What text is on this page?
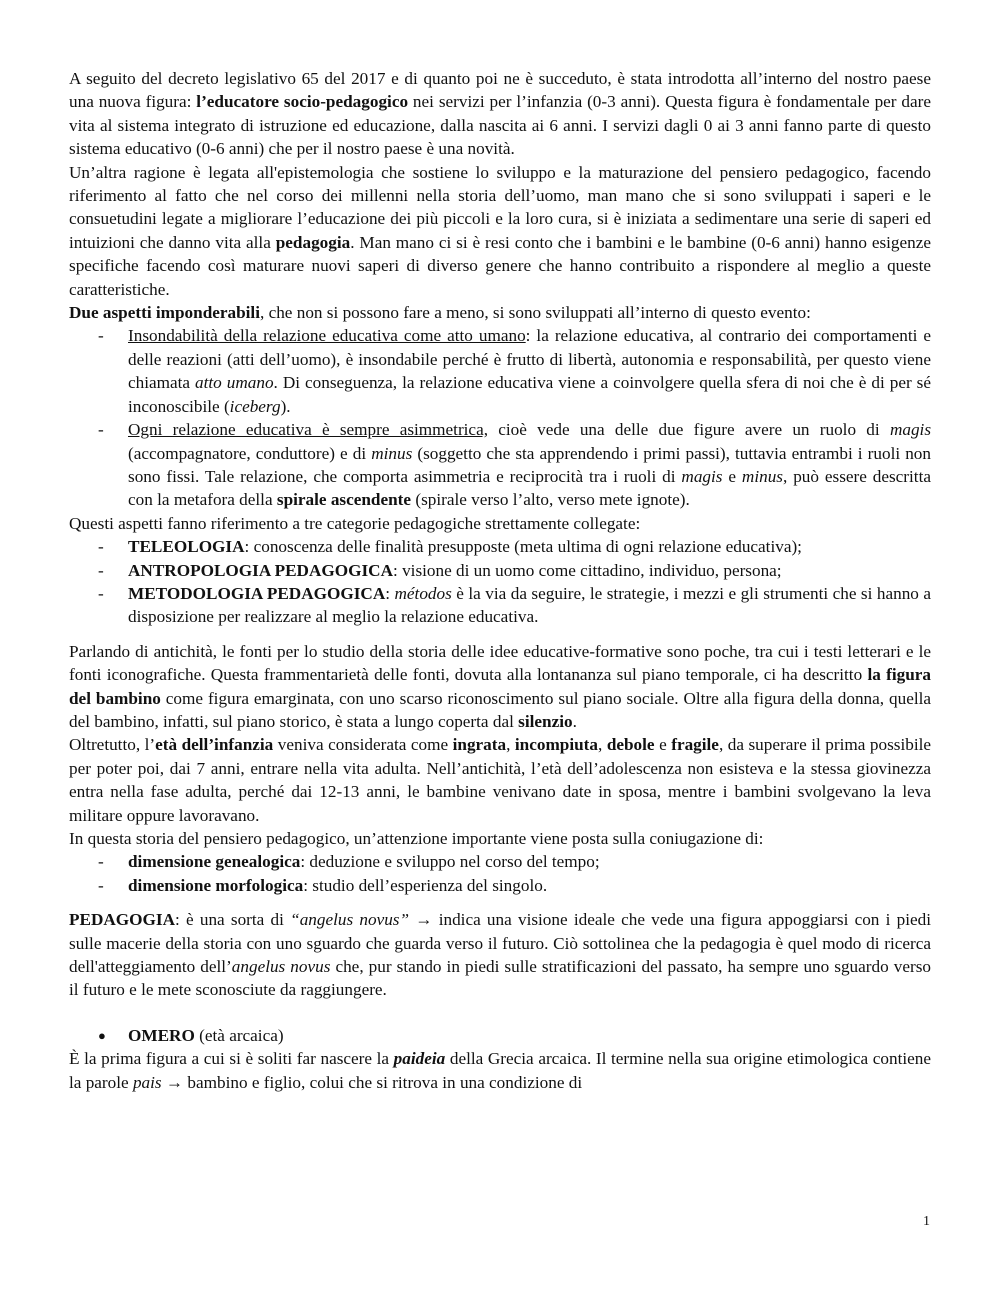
A seguito del decreto legislativo 65 del 2017 e di quanto poi ne è succeduto, è stata introdotta all’interno del nostro paese una nuova figura: l’educatore socio-pedagogico nei servizi per l’infanzia (0-3 anni). Questa figura è fondamentale per dare vita al sistema integrato di istruzione ed educazione, dalla nascita ai 6 anni. I servizi dagli 0 ai 3 anni fanno parte di questo sistema educativo (0-6 anni) che per il nostro paese è una novità.

Un’altra ragione è legata all'epistemologia che sostiene lo sviluppo e la maturazione del pensiero pedagogico, facendo riferimento al fatto che nel corso dei millenni nella storia dell’uomo, man mano che si sono sviluppati i saperi e le consuetudini legate a migliorare l’educazione dei più piccoli e la loro cura, si è iniziata a sedimentare una serie di saperi ed intuizioni che danno vita alla pedagogia. Man mano ci si è resi conto che i bambini e le bambine (0-6 anni) hanno esigenze specifiche facendo così maturare nuovi saperi di diverso genere che hanno contribuito a rispondere al meglio a queste caratteristiche.

Due aspetti imponderabili, che non si possono fare a meno, si sono sviluppati all’interno di questo evento:

- Insondabilità della relazione educativa come atto umano: la relazione educativa, al contrario dei comportamenti e delle reazioni (atti dell’uomo), è insondabile perché è frutto di libertà, autonomia e responsabilità, per questo viene chiamata atto umano. Di conseguenza, la relazione educativa viene a coinvolgere quella sfera di noi che è di per sé inconoscibile (iceberg).
- Ogni relazione educativa è sempre asimmetrica, cioè vede una delle due figure avere un ruolo di magis (accompagnatore, conduttore) e di minus (soggetto che sta apprendendo i primi passi), tuttavia entrambi i ruoli non sono fissi. Tale relazione, che comporta asimmetria e reciprocità tra i ruoli di magis e minus, può essere descritta con la metafora della spirale ascendente (spirale verso l’alto, verso mete ignote).

Questi aspetti fanno riferimento a tre categorie pedagogiche strettamente collegate:

- TELEOLOGIA: conoscenza delle finalità presupposte (meta ultima di ogni relazione educativa);
- ANTROPOLOGIA PEDAGOGICA: visione di un uomo come cittadino, individuo, persona;
- METODOLOGIA PEDAGOGICA: métodos è la via da seguire, le strategie, i mezzi e gli strumenti che si hanno a disposizione per realizzare al meglio la relazione educativa.

Parlando di antichità, le fonti per lo studio della storia delle idee educative-formative sono poche, tra cui i testi letterari e le fonti iconografiche. Questa frammentarietà delle fonti, dovuta alla lontananza sul piano temporale, ci ha descritto la figura del bambino come figura emarginata, con uno scarso riconoscimento sul piano sociale. Oltre alla figura della donna, quella del bambino, infatti, sul piano storico, è stata a lungo coperta dal silenzio.

Oltretutto, l’età dell’infanzia veniva considerata come ingrata, incompiuta, debole e fragile, da superare il prima possibile per poter poi, dai 7 anni, entrare nella vita adulta. Nell’antichità, l’età dell’adolescenza non esisteva e la stessa giovinezza entra nella fase adulta, perché dai 12-13 anni, le bambine venivano date in sposa, mentre i bambini svolgevano la leva militare oppure lavoravano.

In questa storia del pensiero pedagogico, un’attenzione importante viene posta sulla coniugazione di:

- dimensione genealogica: deduzione e sviluppo nel corso del tempo;
- dimensione morfologica: studio dell’esperienza del singolo.

PEDAGOGIA: è una sorta di “angelus novus” → indica una visione ideale che vede una figura appoggiarsi con i piedi sulle macerie della storia con uno sguardo che guarda verso il futuro. Ciò sottolinea che la pedagogia è quel modo di ricerca dell'atteggiamento dell’angelus novus che, pur stando in piedi sulle stratificazioni del passato, ha sempre uno sguardo verso il futuro e le mete sconosciute da raggiungere.

● OMERO (età arcaica)

È la prima figura a cui si è soliti far nascere la paideia della Grecia arcaica. Il termine nella sua origine etimologica contiene la parole pais → bambino e figlio, colui che si ritrova in una condizione di

1
